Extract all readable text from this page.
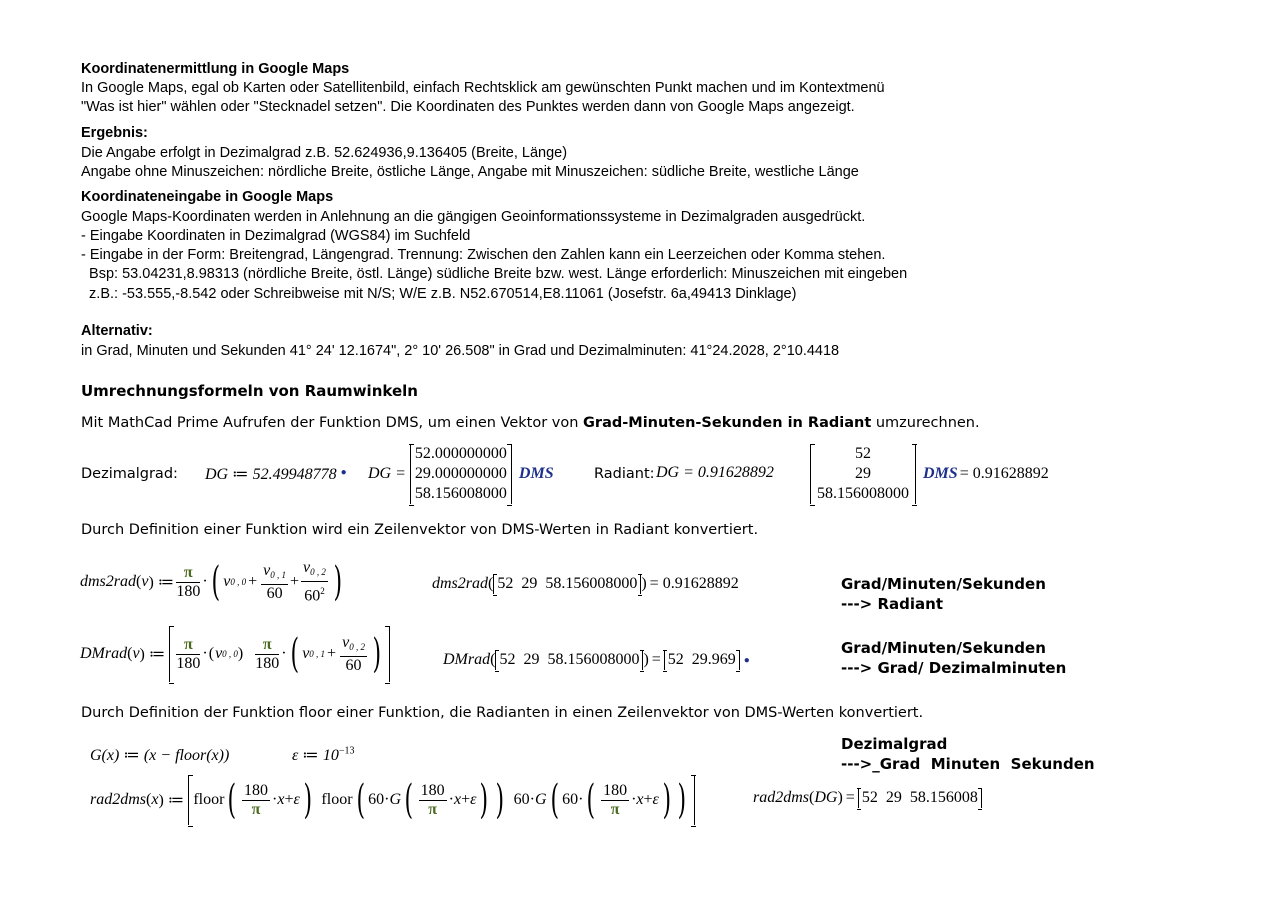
Koordinatenermittlung in Google Maps
In Google Maps, egal ob Karten oder Satellitenbild, einfach Rechtsklick am gewünschten Punkt machen und im Kontextmenü
"Was ist hier" wählen oder "Stecknadel setzen". Die Koordinaten des Punktes werden dann von Google Maps angezeigt.
Ergebnis:
Die Angabe erfolgt in Dezimalgrad z.B. 52.624936,9.136405 (Breite, Länge)
Angabe ohne Minuszeichen: nördliche Breite, östliche Länge, Angabe mit Minuszeichen: südliche Breite, westliche Länge
Koordinateneingabe in Google Maps
Google Maps-Koordinaten werden in Anlehnung an die gängigen Geoinformationssysteme in Dezimalgraden ausgedrückt.
- Eingabe Koordinaten in Dezimalgrad (WGS84) im Suchfeld
- Eingabe in der Form: Breitengrad, Längengrad. Trennung: Zwischen den Zahlen kann ein Leerzeichen oder Komma stehen.
Bsp: 53.04231,8.98313 (nördliche Breite, östl. Länge) südliche Breite bzw. west. Länge erforderlich: Minuszeichen mit eingeben
z.B.: -53.555,-8.542 oder Schreibweise mit N/S; W/E z.B. N52.670514,E8.11061 (Josefstr. 6a,49413 Dinklage)
Alternativ:
in Grad, Minuten und Sekunden 41° 24' 12.1674", 2° 10' 26.508" in Grad und Dezimalminuten: 41°24.2028, 2°10.4418
Umrechnungsformeln von Raumwinkeln
Mit MathCad Prime Aufrufen der Funktion DMS, um einen Vektor von Grad-Minuten-Sekunden in Radiant umzurechnen.
Dezimalgrad: DG ≔ 52.49948778 ● DG =
52.000000000
29.000000000
58.156008000
DMS	Radiant: DG = 0.91628892
52
29
58.156008000
DMS = 0.91628892
Durch Definition einer Funktion wird ein Zeilenvektor von DMS-Werten in Radiant konvertiert.
dms2rad ( v ) ≔ $\frac{\pi}{180}$ · ( v 0 , $0 + \frac{v_{0 , 1}}{60} + \frac{v_{0 , 2}}{60^2}$ )	dms2rad ( 52  29  58.156008000 ) = 0.91628892	Grad/Minuten/Sekunden
---> Radiant
DMrad ( v ) ≔ $\frac{\pi}{180}$ · ( v 0 , 0 ) $\frac{\pi}{180}$ · ( v 0 , $1 + \frac{v_{0 , 2}}{60}$ )	DMrad ( 52  29  58.156008000 ) = 52  29.969 ●
Grad/Minuten/Sekunden
---> Grad/ Dezimalminuten
Durch Definition der Funktion floor einer Funktion, die Radianten in einen Zeilenvektor von DMS-Werten konvertiert.
G(x) ≔ (x − floor(x))	ε ≔ $10^{-13}$	Dezimalgrad
--->_Grad  Minuten  Sekunden
rad2dms ( x ) ≔ floor ( $\frac{180}{\pi} \cdot x + \varepsilon$ ) floor ( 60· G ( $\frac{180}{\pi} \cdot x + \varepsilon$ ) ) 60· G ( 60· ( $\frac{180}{\pi} \cdot x + \varepsilon$ ) )	rad2dms ( DG ) = 52  29  58.156008
